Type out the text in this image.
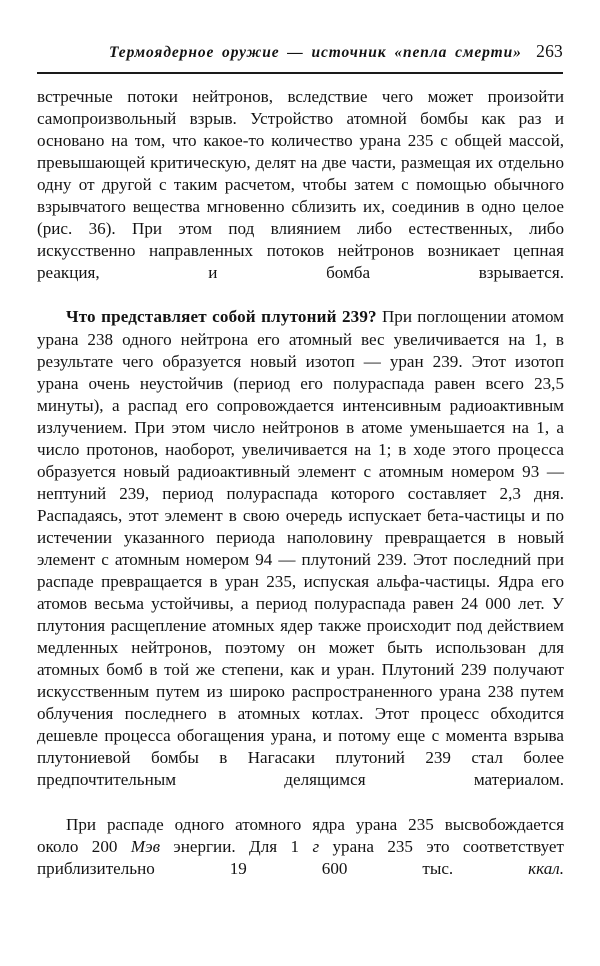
Термоядерное оружие — источник «пепла смерти» 263

встречные потоки нейтронов, вследствие чего может произойти самопроизвольный взрыв. Устройство атомной бомбы как раз и основано на том, что какое-то количество урана 235 с общей массой, превышающей критическую, делят на две части, размещая их отдельно одну от другой с таким расчетом, чтобы затем с помощью обычного взрывчатого вещества мгновенно сблизить их, соединив в одно целое (рис. 36). При этом под влиянием либо естественных, либо искусственно направленных потоков нейтронов возникает цепная реакция, и бомба взрывается.

Что представляет собой плутоний 239? При поглощении атомом урана 238 одного нейтрона его атомный вес увеличивается на 1, в результате чего образуется новый изотоп — уран 239. Этот изотоп урана очень неустойчив (период его полураспада равен всего 23,5 минуты), а распад его сопровождается интенсивным радиоактивным излучением. При этом число нейтронов в атоме уменьшается на 1, а число протонов, наоборот, увеличивается на 1; в ходе этого процесса образуется новый радиоактивный элемент с атомным номером 93 — нептуний 239, период полураспада которого составляет 2,3 дня. Распадаясь, этот элемент в свою очередь испускает бета-частицы и по истечении указанного периода наполовину превращается в новый элемент с атомным номером 94 — плутоний 239. Этот последний при распаде превращается в уран 235, испуская альфа-частицы. Ядра его атомов весьма устойчивы, а период полураспада равен 24 000 лет. У плутония расщепление атомных ядер также происходит под действием медленных нейтронов, поэтому он может быть использован для атомных бомб в той же степени, как и уран. Плутоний 239 получают искусственным путем из широко распространенного урана 238 путем облучения последнего в атомных котлах. Этот процесс обходится дешевле процесса обогащения урана, и потому еще с момента взрыва плутониевой бомбы в Нагасаки плутоний 239 стал более предпочтительным делящимся материалом.

При распаде одного атомного ядра урана 235 высвобождается около 200 Мэв энергии. Для 1 г урана 235 это соответствует приблизительно 19 600 тыс. ккал.
